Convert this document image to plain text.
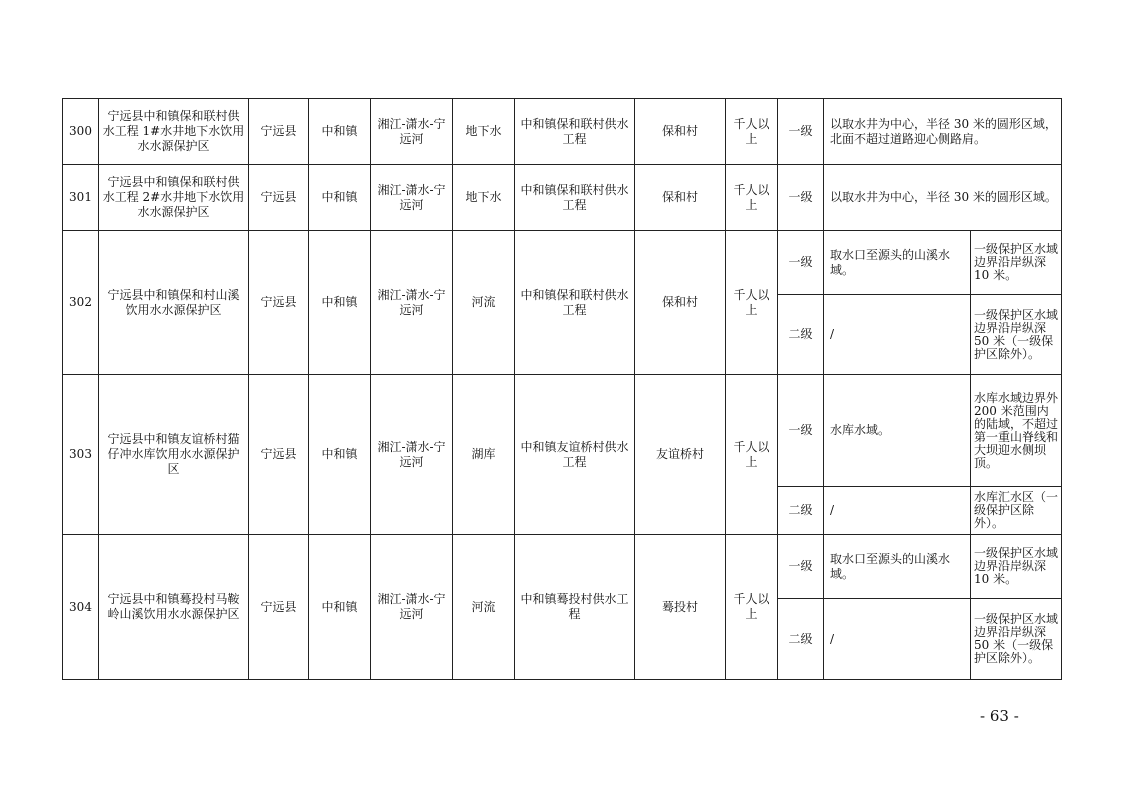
300	宁远县中和镇保和联村供水工程 1#水井地下水饮用水水源保护区	宁远县	中和镇	湘江-潇水-宁远河	地下水	中和镇保和联村供水工程	保和村	千人以上	一级	以取水井为中心，半径 30 米的圆形区域，北面不超过道路迎心侧路肩。	
301	宁远县中和镇保和联村供水工程 2#水井地下水饮用水水源保护区	宁远县	中和镇	湘江-潇水-宁远河	地下水	中和镇保和联村供水工程	保和村	千人以上	一级	以取水井为中心，半径 30 米的圆形区域。	
302	宁远县中和镇保和村山溪饮用水水源保护区	宁远县	中和镇	湘江-潇水-宁远河	河流	中和镇保和联村供水工程	保和村	千人以上	一级	取水口至源头的山溪水域。	一级保护区水域边界沿岸纵深 10 米。
									二级	/	一级保护区水域边界沿岸纵深 50 米（一级保护区除外）。
303	宁远县中和镇友谊桥村猫仔冲水库饮用水水源保护区	宁远县	中和镇	湘江-潇水-宁远河	湖库	中和镇友谊桥村供水工程	友谊桥村	千人以上	一级	水库水域。	水库水域边界外 200 米范围内的陆域，不超过第一重山脊线和大坝迎水侧坝顶。
									二级	/	水库汇水区（一级保护区除外）。
304	宁远县中和镇蓦投村马鞍岭山溪饮用水水源保护区	宁远县	中和镇	湘江-潇水-宁远河	河流	中和镇蓦投村供水工程	蓦投村	千人以上	一级	取水口至源头的山溪水域。	一级保护区水域边界沿岸纵深 10 米。
									二级	/	一级保护区水域边界沿岸纵深 50 米（一级保护区除外）。
- 63 -
